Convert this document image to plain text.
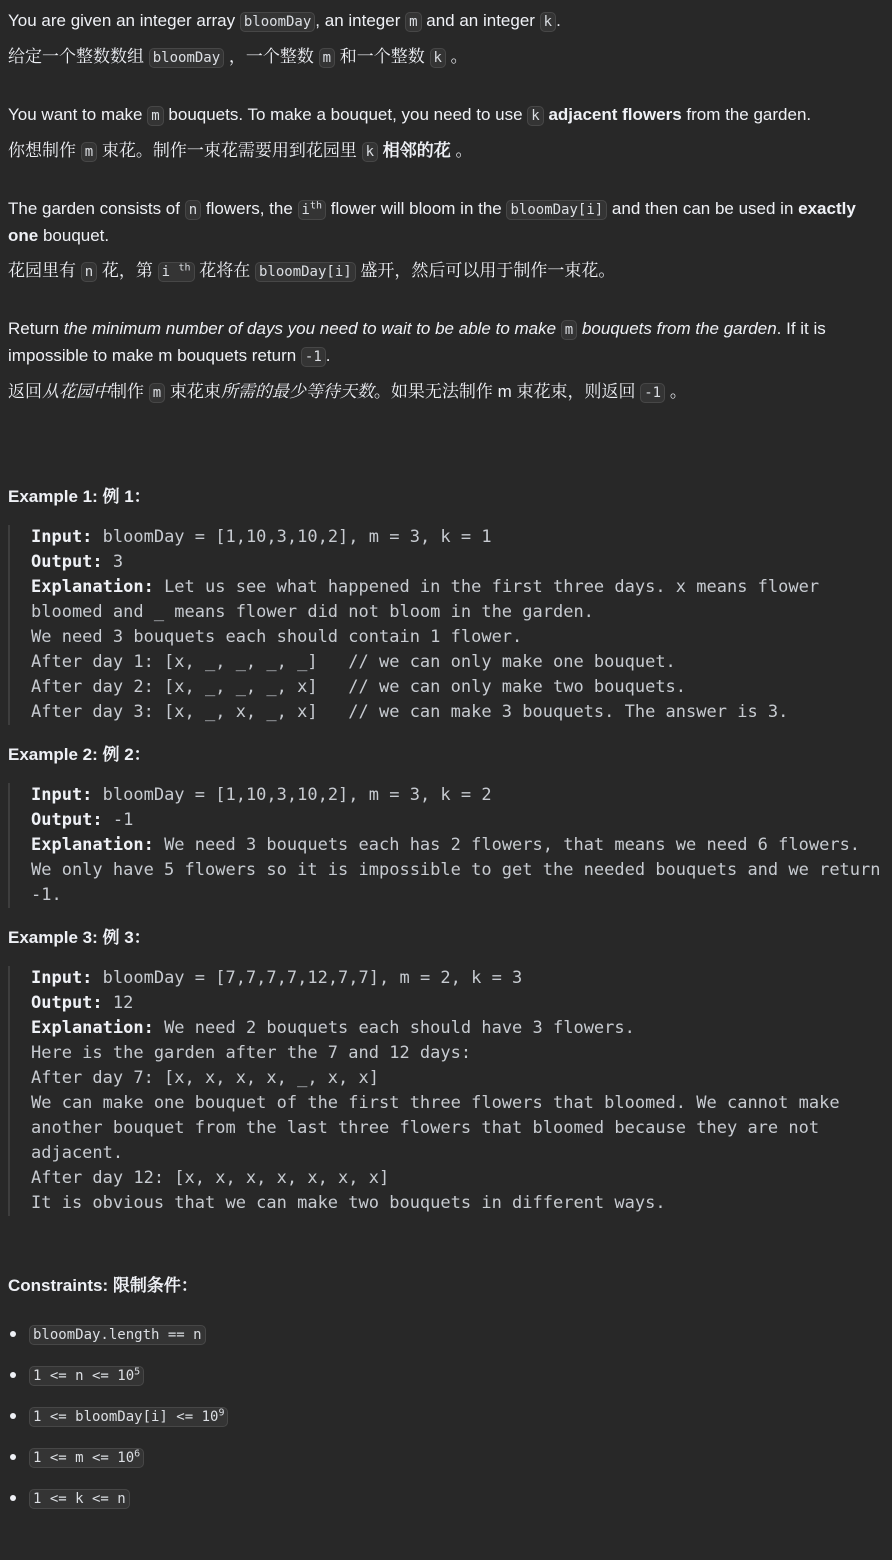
You are given an integer array bloomDay , an integer m and an integer k .

给定一个整数数组 bloomDay ，一个整数 m 和一个整数 k 。

You want to make m bouquets. To make a bouquet, you need to use k adjacent flowers from the garden.

你想制作 m 束花。制作一束花需要用到花园里 k 相邻的花 。

The garden consists of n flowers, the $i^{th}$ flower will bloom in the bloomDay[i] and then can be used in exactly one bouquet.

花园里有 n 花，第 i $^{th}$ 花将在 bloomDay[i] 盛开，然后可以用于制作一束花。

Return the minimum number of days you need to wait to be able to make m bouquets from the garden. If it is impossible to make m bouquets return -1 .

返回从花园中制作 m 束花束所需的最少等待天数。如果无法制作 m 束花束，则返回 -1 。

Example 1: 例 1：

Input: bloomDay = [1,10,3,10,2], m = 3, k = 1
Output: 3
Explanation: Let us see what happened in the first three days. x means flower bloomed and _ means flower did not bloom in the garden.
We need 3 bouquets each should contain 1 flower.
After day 1: [x, _, _, _, _]   // we can only make one bouquet.
After day 2: [x, _, _, _, x]   // we can only make two bouquets.
After day 3: [x, _, x, _, x]   // we can make 3 bouquets. The answer is 3.

Example 2: 例 2：

Input: bloomDay = [1,10,3,10,2], m = 3, k = 2
Output: -1
Explanation: We need 3 bouquets each has 2 flowers, that means we need 6 flowers. We only have 5 flowers so it is impossible to get the needed bouquets and we return -1.

Example 3: 例 3：

Input: bloomDay = [7,7,7,7,12,7,7], m = 2, k = 3
Output: 12
Explanation: We need 2 bouquets each should have 3 flowers.
Here is the garden after the 7 and 12 days:
After day 7: [x, x, x, x, _, x, x]
We can make one bouquet of the first three flowers that bloomed. We cannot make another bouquet from the last three flowers that bloomed because they are not adjacent.
After day 12: [x, x, x, x, x, x, x]
It is obvious that we can make two bouquets in different ways.

Constraints: 限制条件：

bloomDay.length == n
$1 <= n <= 10^5$
1 <= bloomDay[i] <= $10^9$
$1 <= m <= 10^6$
1 <= k <= n
